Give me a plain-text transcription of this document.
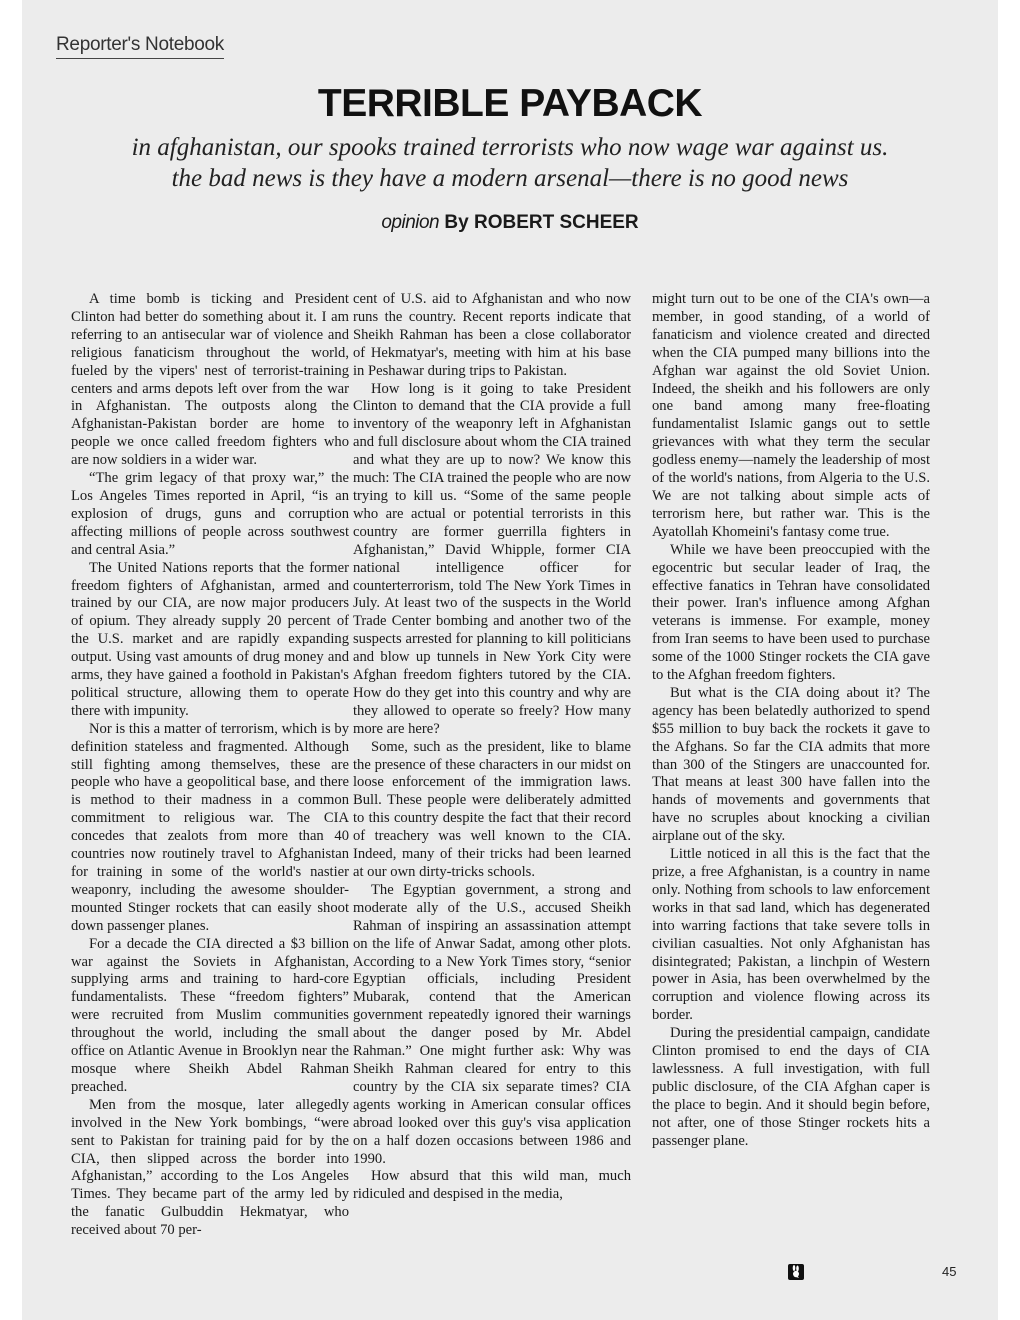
Reporter's Notebook
TERRIBLE PAYBACK
in afghanistan, our spooks trained terrorists who now wage war against us.
the bad news is they have a modern arsenal—there is no good news
opinion By ROBERT SCHEER

A time bomb is ticking and President Clinton had better do something about it. I am referring to an antisecular war of violence and religious fanaticism throughout the world, fueled by the vipers' nest of terrorist-training centers and arms depots left over from the war in Afghanistan. The outposts along the Afghanistan-Pakistan border are home to people we once called freedom fighters who are now soldiers in a wider war.

“The grim legacy of that proxy war,” the Los Angeles Times reported in April, “is an explosion of drugs, guns and corruption affecting millions of people across southwest and central Asia.”

The United Nations reports that the former freedom fighters of Afghanistan, armed and trained by our CIA, are now major producers of opium. They already supply 20 percent of the U.S. market and are rapidly expanding output. Using vast amounts of drug money and arms, they have gained a foothold in Pakistan's political structure, allowing them to operate there with impunity.

Nor is this a matter of terrorism, which is by definition stateless and fragmented. Although still fighting among themselves, these are people who have a geopolitical base, and there is method to their madness in a common commitment to religious war. The CIA concedes that zealots from more than 40 countries now routinely travel to Afghanistan for training in some of the world's nastier weaponry, including the awesome shoulder-mounted Stinger rockets that can easily shoot down passenger planes.

For a decade the CIA directed a $3 billion war against the Soviets in Afghanistan, supplying arms and training to hard-core fundamentalists. These “freedom fighters” were recruited from Muslim communities throughout the world, including the small office on Atlantic Avenue in Brooklyn near the mosque where Sheikh Abdel Rahman preached.

Men from the mosque, later allegedly involved in the New York bombings, “were sent to Pakistan for training paid for by the CIA, then slipped across the border into Afghanistan,” according to the Los Angeles Times. They became part of the army led by the fanatic Gulbuddin Hekmatyar, who received about 70 per-

cent of U.S. aid to Afghanistan and who now runs the country. Recent reports indicate that Sheikh Rahman has been a close collaborator of Hekmatyar's, meeting with him at his base in Peshawar during trips to Pakistan.

How long is it going to take President Clinton to demand that the CIA provide a full inventory of the weaponry left in Afghanistan and full disclosure about whom the CIA trained and what they are up to now? We know this much: The CIA trained the people who are now trying to kill us. “Some of the same people who are actual or potential terrorists in this country are former guerrilla fighters in Afghanistan,” David Whipple, former CIA national intelligence officer for counterterrorism, told The New York Times in July. At least two of the suspects in the World Trade Center bombing and another two of the suspects arrested for planning to kill politicians and blow up tunnels in New York City were Afghan freedom fighters tutored by the CIA. How do they get into this country and why are they allowed to operate so freely? How many more are here?

Some, such as the president, like to blame the presence of these characters in our midst on loose enforcement of the immigration laws. Bull. These people were deliberately admitted to this country despite the fact that their record of treachery was well known to the CIA. Indeed, many of their tricks had been learned at our own dirty-tricks schools.

The Egyptian government, a strong and moderate ally of the U.S., accused Sheikh Rahman of inspiring an assassination attempt on the life of Anwar Sadat, among other plots. According to a New York Times story, “senior Egyptian officials, including President Mubarak, contend that the American government repeatedly ignored their warnings about the danger posed by Mr. Abdel Rahman.” One might further ask: Why was Sheikh Rahman cleared for entry to this country by the CIA six separate times? CIA agents working in American consular offices abroad looked over this guy's visa application on a half dozen occasions between 1986 and 1990.

How absurd that this wild man, much ridiculed and despised in the media,

might turn out to be one of the CIA's own—a member, in good standing, of a world of fanaticism and violence created and directed when the CIA pumped many billions into the Afghan war against the old Soviet Union. Indeed, the sheikh and his followers are only one band among many free-floating fundamentalist Islamic gangs out to settle grievances with what they term the secular godless enemy—namely the leadership of most of the world's nations, from Algeria to the U.S. We are not talking about simple acts of terrorism here, but rather war. This is the Ayatollah Khomeini's fantasy come true.

While we have been preoccupied with the egocentric but secular leader of Iraq, the effective fanatics in Tehran have consolidated their power. Iran's influence among Afghan veterans is immense. For example, money from Iran seems to have been used to purchase some of the 1000 Stinger rockets the CIA gave to the Afghan freedom fighters.

But what is the CIA doing about it? The agency has been belatedly authorized to spend $55 million to buy back the rockets it gave to the Afghans. So far the CIA admits that more than 300 of the Stingers are unaccounted for. That means at least 300 have fallen into the hands of movements and governments that have no scruples about knocking a civilian airplane out of the sky.

Little noticed in all this is the fact that the prize, a free Afghanistan, is a country in name only. Nothing from schools to law enforcement works in that sad land, which has degenerated into warring factions that take severe tolls in civilian casualties. Not only Afghanistan has disintegrated; Pakistan, a linchpin of Western power in Asia, has been overwhelmed by the corruption and violence flowing across its border.

During the presidential campaign, candidate Clinton promised to end the days of CIA lawlessness. A full investigation, with full public disclosure, of the CIA Afghan caper is the place to begin. And it should begin before, not after, one of those Stinger rockets hits a passenger plane.

45
